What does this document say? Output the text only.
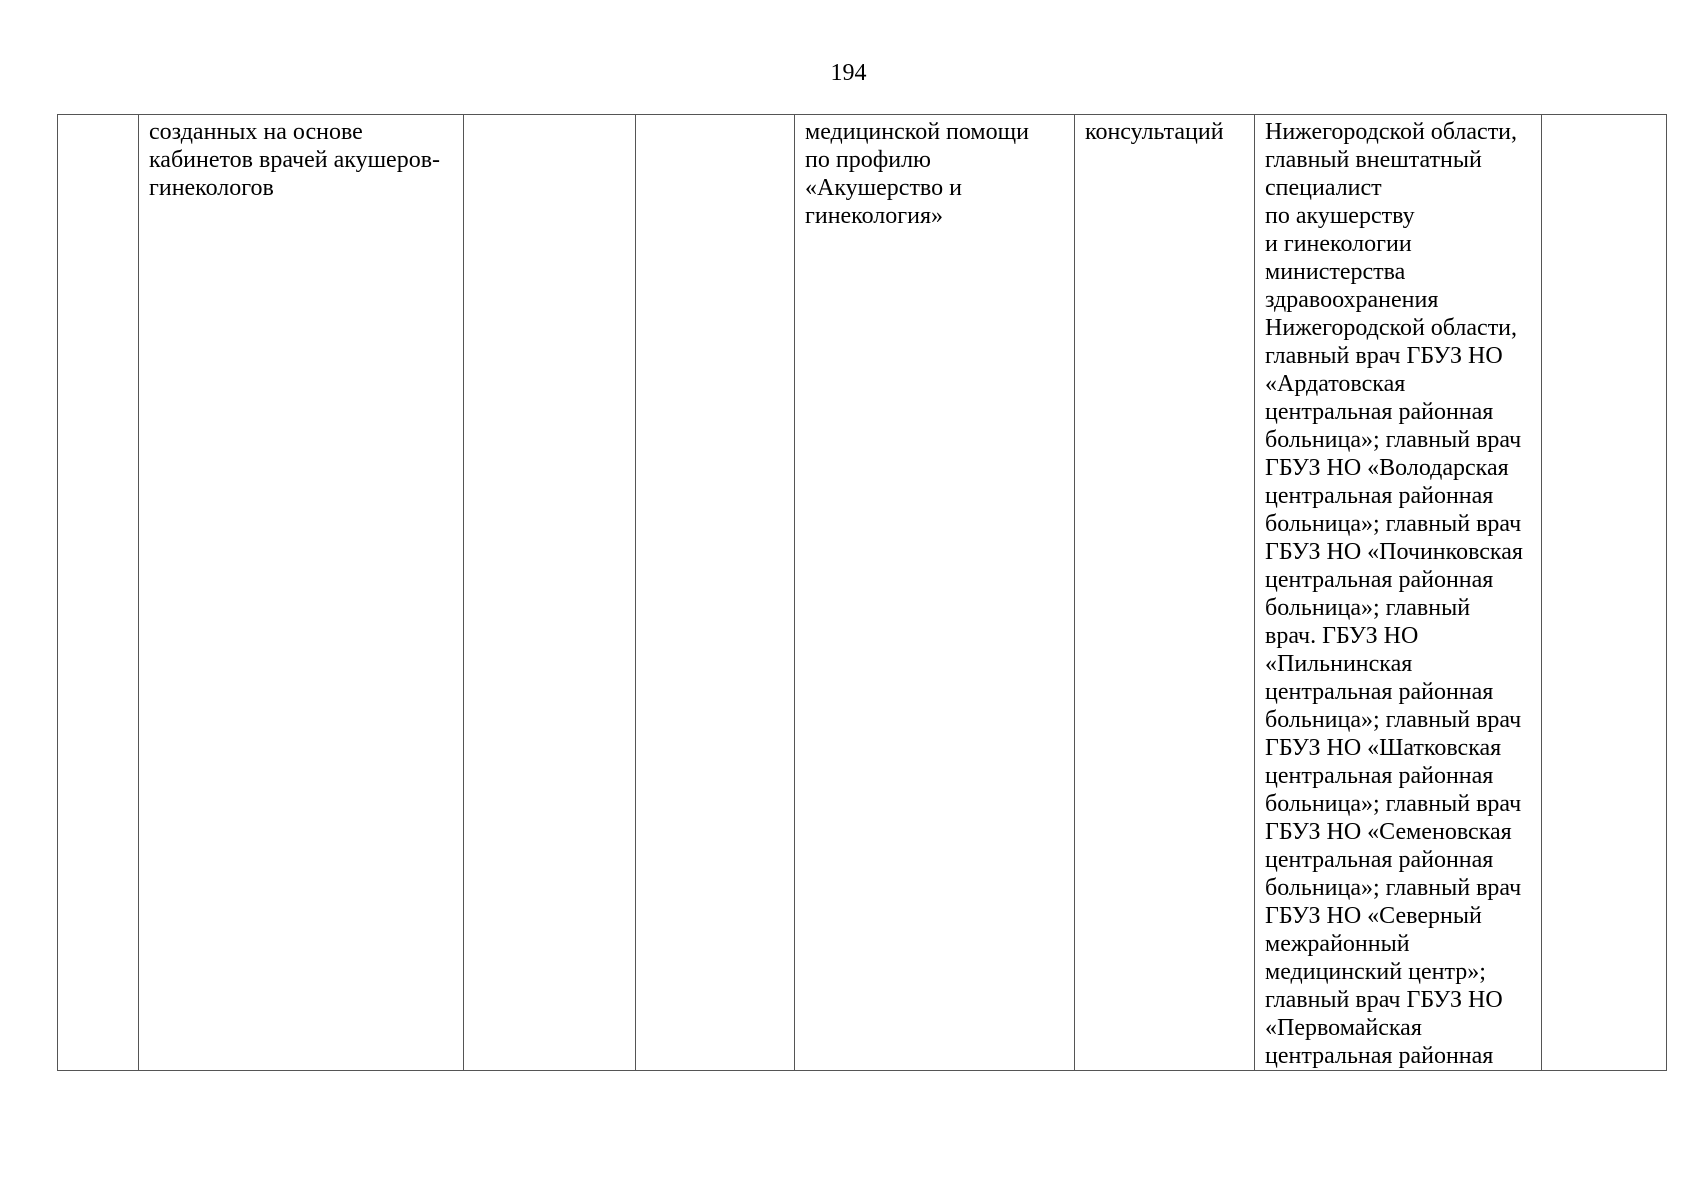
194
	созданных на основе
кабинетов врачей акушеров-
гинекологов			медицинской помощи
по профилю
«Акушерство и
гинекология»	консультаций	Нижегородской области,
главный внештатный
специалист
по акушерству
и гинекологии
министерства
здравоохранения
Нижегородской области,
главный врач ГБУЗ НО
«Ардатовская
центральная районная
больница»; главный врач
ГБУЗ НО «Володарская
центральная районная
больница»; главный врач
ГБУЗ НО «Починковская
центральная районная
больница»; главный
врач. ГБУЗ НО
«Пильнинская
центральная районная
больница»; главный врач
ГБУЗ НО «Шатковская
центральная районная
больница»; главный врач
ГБУЗ НО «Семеновская
центральная районная
больница»; главный врач
ГБУЗ НО «Северный
межрайонный
медицинский центр»;
главный врач ГБУЗ НО
«Первомайская
центральная районная	
